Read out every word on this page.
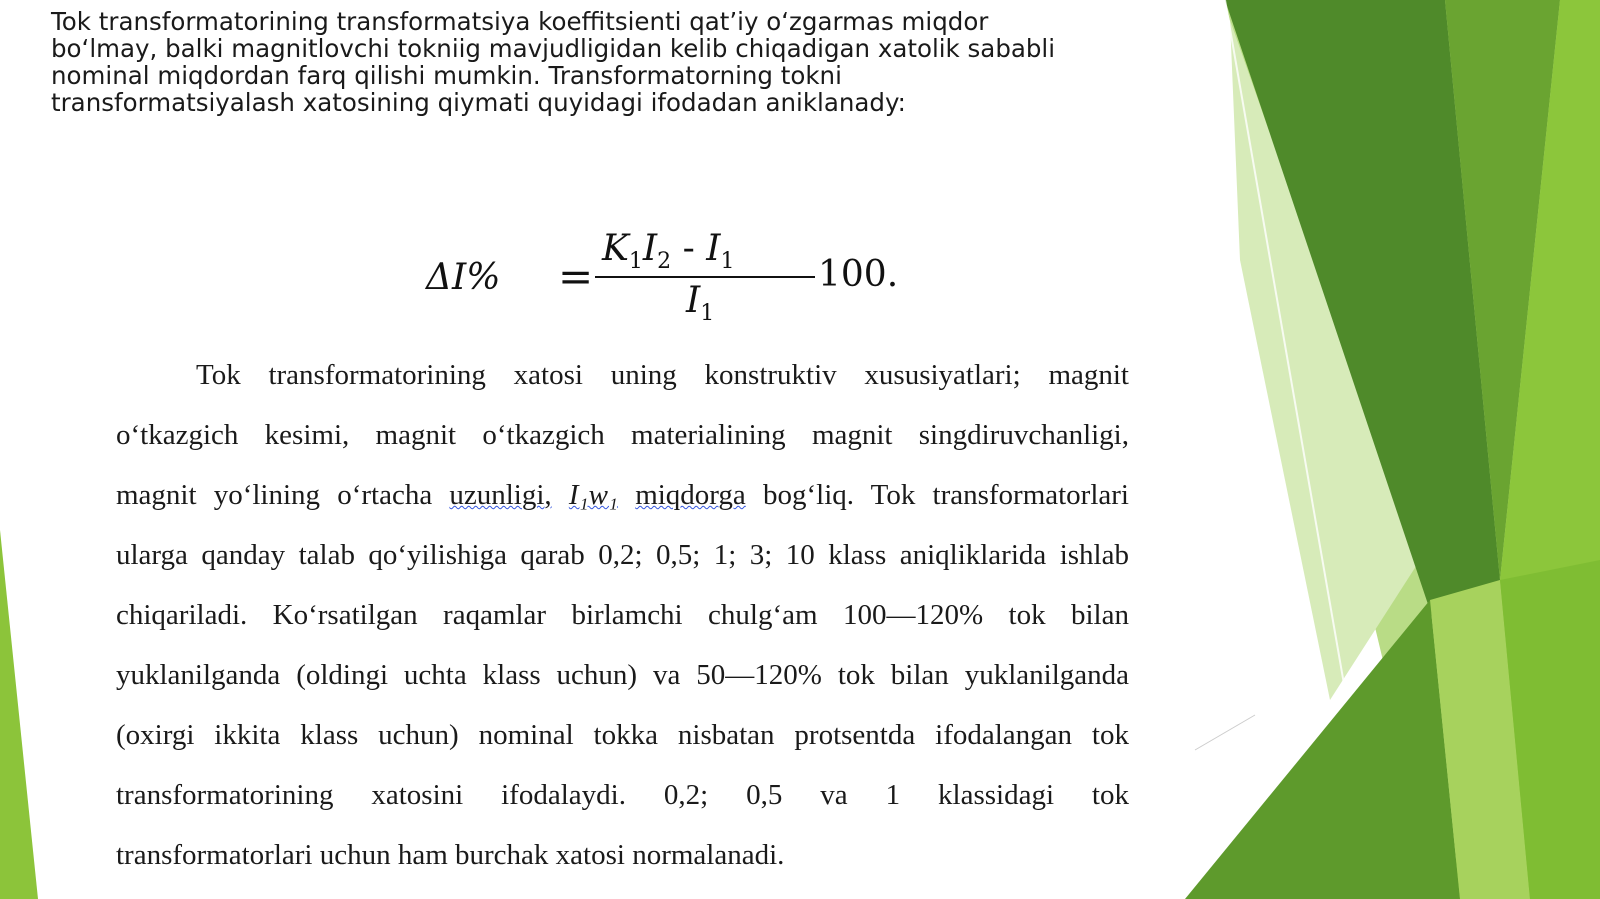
Tok transformatorining transformatsiya koeffitsienti qat’iy o‘zgarmas miqdor
bo‘lmay, balki magnitlovchi tokniig mavjudligidan kelib chiqadigan xatolik sababli
nominal miqdordan farq qilishi mumkin. Transformatorning tokni
transformatsiyalash xatosining qiymati quyidagi ifodadan aniklanady:
ΔI% =
$K_1I_2 - I_1$
$I_1$
100.
Tok transformatorining xatosi uning konstruktiv xususiyatlari; magnit
o‘tkazgich kesimi, magnit o‘tkazgich materialining magnit singdiruvchanligi,
magnit yo‘lining o‘rtacha uzunligi, I₁w₁ miqdorga bog‘liq. Tok transformatorlari
ularga qanday talab qo‘yilishiga qarab 0,2; 0,5; 1; 3; 10 klass aniqliklarida ishlab
chiqariladi. Ko‘rsatilgan raqamlar birlamchi chulg‘am 100—120% tok bilan
yuklanilganda (oldingi uchta klass uchun) va 50—120% tok bilan yuklanilganda
(oxirgi ikkita klass uchun) nominal tokka nisbatan protsentda ifodalangan tok
transformatorining xatosini ifodalaydi. 0,2; 0,5 va 1 klassidagi tok
transformatorlari uchun ham burchak xatosi normalanadi.
